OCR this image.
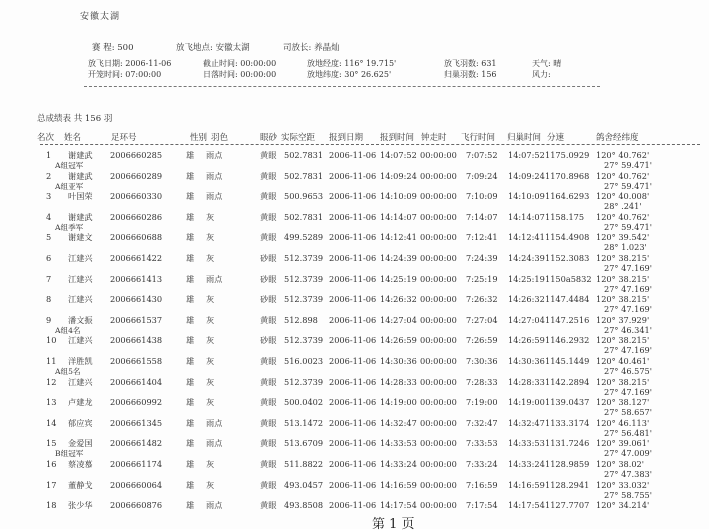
安徽太湖
赛 程: 500	放飞地点: 安徽太湖	司放长: 养晶灿
放飞日期: 2006-11-06	截止时间: 00:00:00	放地经度: 116° 19.715'	放飞羽数: 631	天气: 晴
开笼时间: 07:00:00	日落时间: 00:00:00	放地纬度: 30° 26.625'	归巢羽数: 156	风力:
总成绩表 共 156 羽
名次 姓名	足环号	性别 羽色	眼砂 实际空距 报到日期 报到时间 钟走时 飞行时间 归巢时间 分速	鸽舍经纬度
1 谢建武 2006660285	雄 雨点	黄眼 502.7831 2006-11-06 14:07:52 00:00:00 7:07:52 14:07:52 1175.0929 120° 40.762'
A组冠军	27° 59.471'
2 谢建武 2006660289	雄 雨点	黄眼 502.7831 2006-11-06 14:09:24 00:00:00 7:09:24 14:09:24 1170.8968 120° 40.762'
A组亚军	27° 59.471'
3 叶国荣 2006660330	雄 雨点	黄眼 500.9653 2006-11-06 14:10:09 00:00:00 7:10:09 14:10:09 1164.6293 120° 40.008'
28° .241'
4 谢建武 2006660286	雄 灰	黄眼 502.7831 2006-11-06 14:14:07 00:00:00 7:14:07 14:14:07 1158.175 120° 40.762'
A组季军	27° 59.471'
5 谢建文 2006660688	雄 灰	黄眼 499.5289 2006-11-06 14:12:41 00:00:00 7:12:41 14:12:41 1154.4908 120° 39.542'
28° 1.023'
6 江建兴 2006661422	雄 灰	砂眼 512.3739 2006-11-06 14:24:39 00:00:00 7:24:39 14:24:39 1152.3083 120° 38.215'
27° 47.169'
7 江建兴 2006661413	雄 雨点	砂眼 512.3739 2006-11-06 14:25:19 00:00:00 7:25:19 14:25:19 1150a5832 120° 38.215'
27° 47.169'
8 江建兴 2006661430	雄 灰	砂眼 512.3739 2006-11-06 14:26:32 00:00:00 7:26:32 14:26:32 1147.4484 120° 38.215'
27° 47.169'
9 潘文振 2006661537	雄 灰	黄眼 512.898 2006-11-06 14:27:04 00:00:00 7:27:04 14:27:04 1147.2516 120° 37.929'
A组4名	27° 46.341'
10 江建兴 2006661438	雄 灰	砂眼 512.3739 2006-11-06 14:26:59 00:00:00 7:26:59 14:26:59 1146.2932 120° 38.215'
27° 47.169'
11 洋胜凯 2006661558	雄 灰	黄眼 516.0023 2006-11-06 14:30:36 00:00:00 7:30:36 14:30:36 1145.1449 120° 40.461'
A组5名	27° 46.575'
12 江建兴 2006661404	雄 灰	黄眼 512.3739 2006-11-06 14:28:33 00:00:00 7:28:33 14:28:33 1142.2894 120° 38.215'
27° 47.169'
13 卢建龙 2006660992	雄 灰	黄眼 500.0402 2006-11-06 14:19:00 00:00:00 7:19:00 14:19:00 1139.0437 120° 38.127'
27° 58.657'
14 郁应宾 2006661345	雄 雨点	黄眼 513.1472 2006-11-06 14:32:47 00:00:00 7:32:47 14:32:47 1133.3174 120° 46.113'
27° 56.481'
15 金爱国 2006661482	雄 雨点	黄眼 513.6709 2006-11-06 14:33:53 00:00:00 7:33:53 14:33:53 1131.7246 120° 39.061'
B组冠军	27° 47.009'
16 蔡凌慕 2006661174	雄 灰	黄眼 511.8822 2006-11-06 14:33:24 00:00:00 7:33:24 14:33:24 1128.9859 120° 38.02'
27° 47.383'
17 董静戈 2006660064	雄 灰	黄眼 493.0457 2006-11-06 14:16:59 00:00:00 7:16:59 14:16:59 1128.2941 120° 33.032'
27° 58.755'
18 张少华 2006660876	雄 雨点	黄眼 493.8508 2006-11-06 14:17:54 00:00:00 7:17:54 14:17:54 1127.7707 120° 34.214'
第 1 页
